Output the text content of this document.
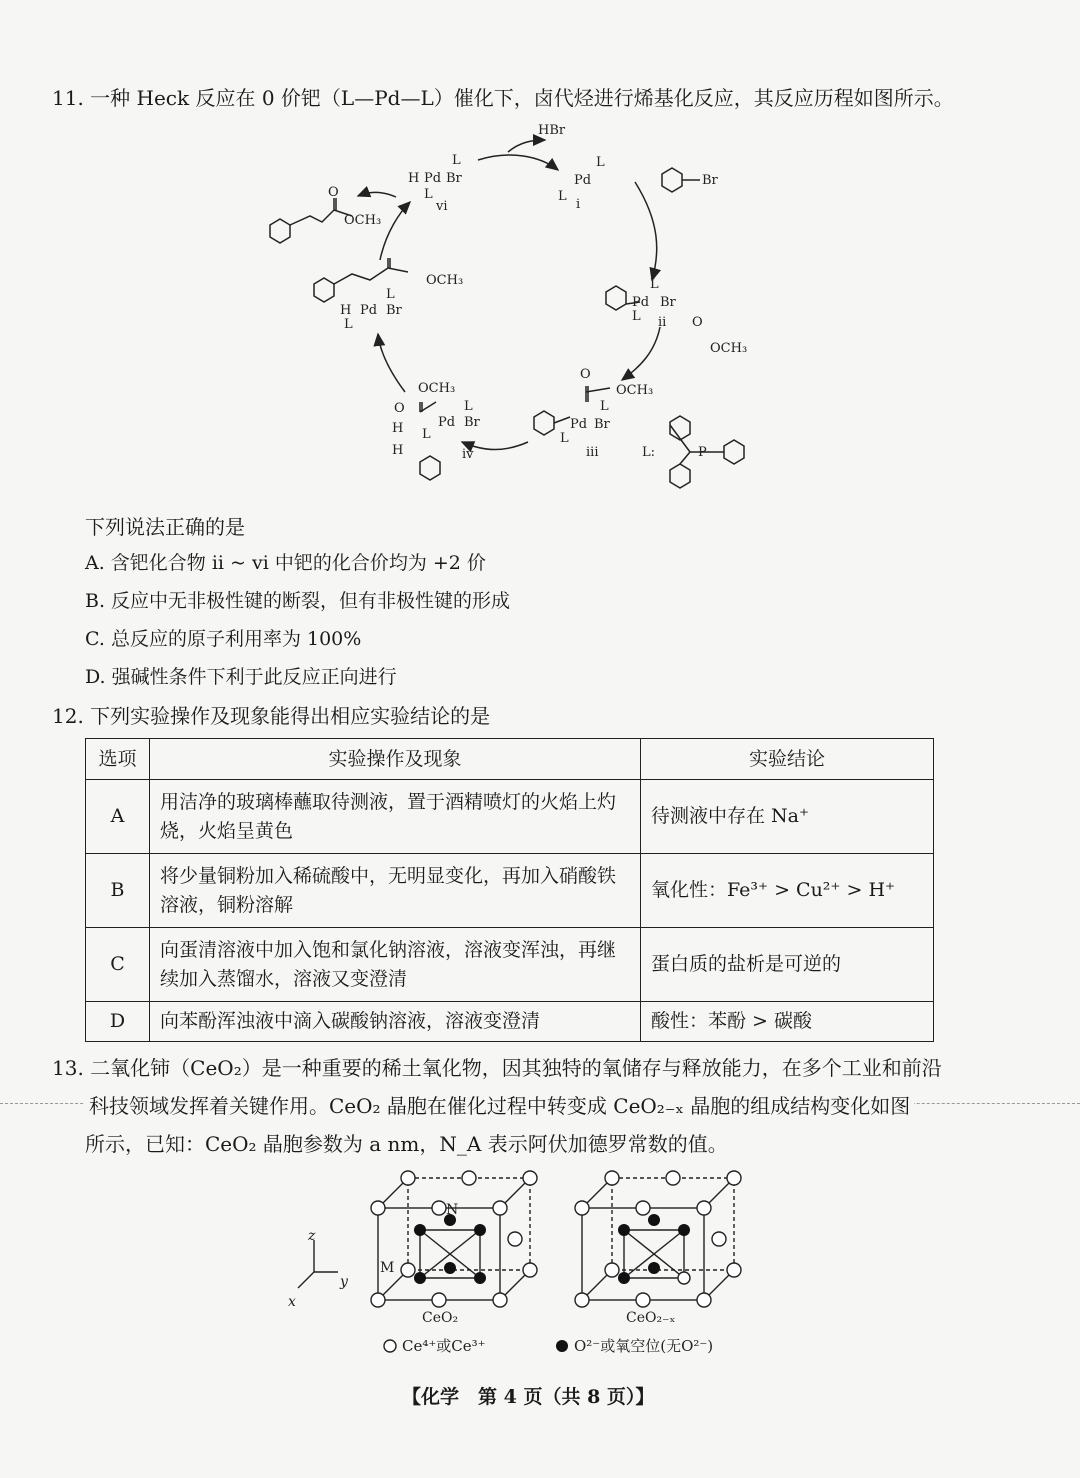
11. 一种 Heck 反应在 0 价钯（L—Pd—L）催化下，卤代烃进行烯基化反应，其反应历程如图所示。
HBr
Br
O
OCH₃
H Pd Br
L
L
vi
Pd
L
L
i
Pd Br
L
L ii O
OCH₃
O
OCH₃
Pd Br
L
L
iii	L:	P
OCH₃
O
Pd Br
L
L
H
H	iv
OCH₃
H Pd Br
L
L
下列说法正确的是
A. 含钯化合物 ii ~ vi 中钯的化合价均为 +2 价
B. 反应中无非极性键的断裂，但有非极性键的形成
C. 总反应的原子利用率为 100%
D. 强碱性条件下利于此反应正向进行
12. 下列实验操作及现象能得出相应实验结论的是
选项	实验操作及现象	实验结论
A	用洁净的玻璃棒蘸取待测液，置于酒精喷灯的火焰上灼烧，火焰呈黄色	待测液中存在 Na⁺
B	将少量铜粉加入稀硫酸中，无明显变化，再加入硝酸铁溶液，铜粉溶解	氧化性：Fe³⁺ > Cu²⁺ > H⁺
C	向蛋清溶液中加入饱和氯化钠溶液，溶液变浑浊，再继续加入蒸馏水，溶液又变澄清	蛋白质的盐析是可逆的
D	向苯酚浑浊液中滴入碳酸钠溶液，溶液变澄清	酸性：苯酚 > 碳酸
13. 二氧化铈（CeO₂）是一种重要的稀土氧化物，因其独特的氧储存与释放能力，在多个工业和前沿
科技领域发挥着关键作用。CeO₂ 晶胞在催化过程中转变成 CeO₂₋ₓ 晶胞的组成结构变化如图
所示，已知：CeO₂ 晶胞参数为 a nm，N_A 表示阿伏加德罗常数的值。
z
y
x
N
M
CeO₂	CeO₂₋ₓ
Ce⁴⁺或Ce³⁺	O²⁻或氧空位(无O²⁻)
【化学　第 4 页（共 8 页）】
